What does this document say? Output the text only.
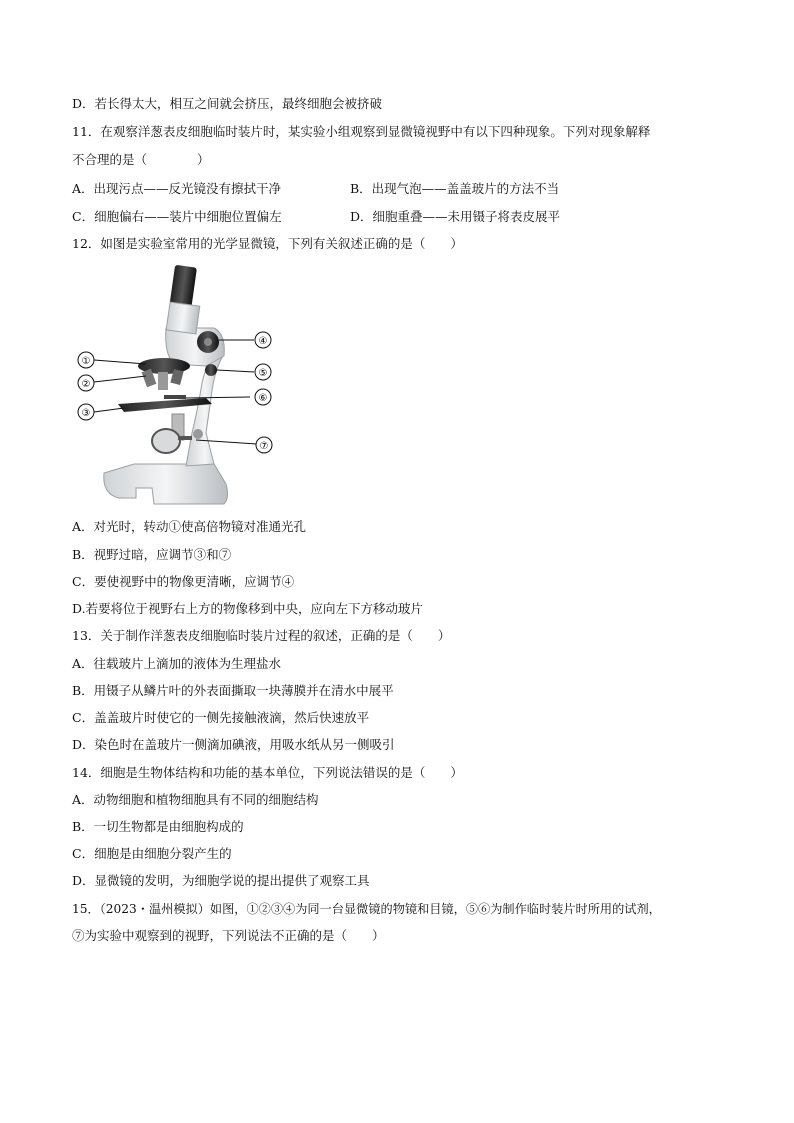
D．若长得太大，相互之间就会挤压，最终细胞会被挤破
11．在观察洋葱表皮细胞临时装片时，某实验小组观察到显微镜视野中有以下四种现象。下列对现象解释
不合理的是（　　　　）
A．出现污点——反光镜没有擦拭干净	B．出现气泡——盖盖玻片的方法不当
C．细胞偏右——装片中细胞位置偏左	D．细胞重叠——未用镊子将表皮展平
12．如图是实验室常用的光学显微镜，下列有关叙述正确的是（　　）
①
②
③
④
⑤
⑥
⑦
A．对光时，转动①使高倍物镜对准通光孔
B．视野过暗，应调节③和⑦
C．要使视野中的物像更清晰，应调节④
D.若要将位于视野右上方的物像移到中央，应向左下方移动玻片
13．关于制作洋葱表皮细胞临时装片过程的叙述，正确的是（　　）
A．往载玻片上滴加的液体为生理盐水
B．用镊子从鳞片叶的外表面撕取一块薄膜并在清水中展平
C．盖盖玻片时使它的一侧先接触液滴，然后快速放平
D．染色时在盖玻片一侧滴加碘液，用吸水纸从另一侧吸引
14．细胞是生物体结构和功能的基本单位，下列说法错误的是（　　）
A．动物细胞和植物细胞具有不同的细胞结构
B．一切生物都是由细胞构成的
C．细胞是由细胞分裂产生的
D．显微镜的发明，为细胞学说的提出提供了观察工具
15．（2023・温州模拟）如图，①②③④为同一台显微镜的物镜和目镜，⑤⑥为制作临时装片时所用的试剂，
⑦为实验中观察到的视野，下列说法不正确的是（　　）
